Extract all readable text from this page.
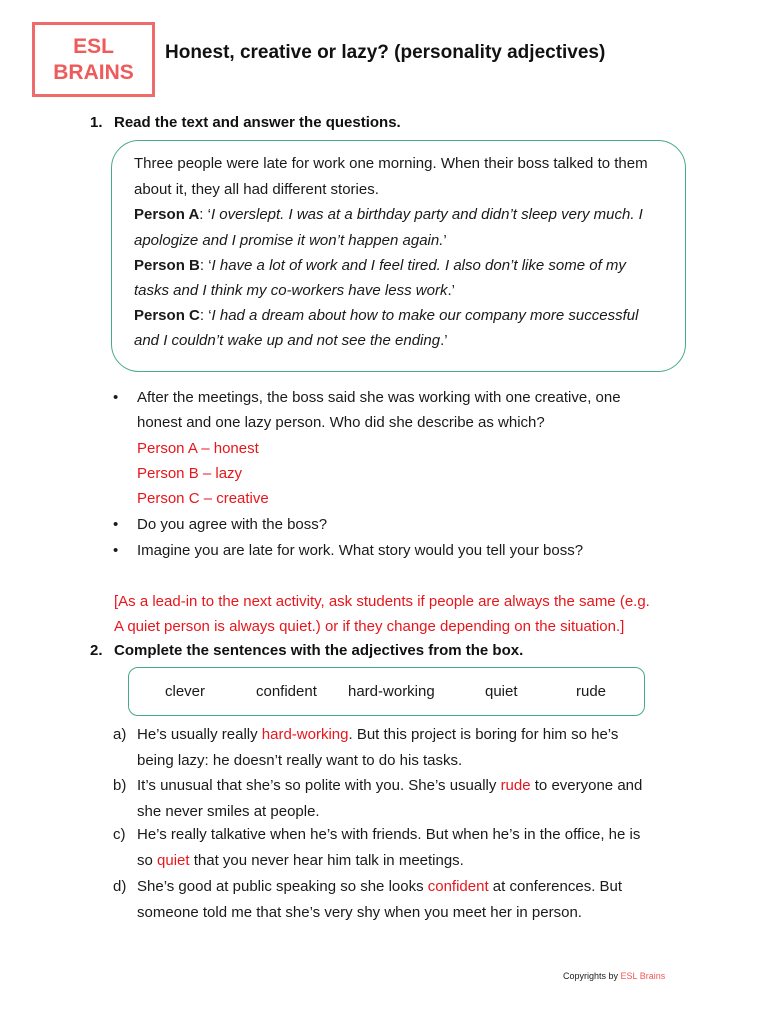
ESL
BRAINS
Honest, creative or lazy? (personality adjectives)
1. Read the text and answer the questions.
Three people were late for work one morning. When their boss talked to them
about it, they all had different stories.
Person A: ‘I overslept. I was at a birthday party and didn’t sleep very much. I
apologize and I promise it won’t happen again.’
Person B: ‘I have a lot of work and I feel tired. I also don’t like some of my
tasks and I think my co-workers have less work.’
Person C: ‘I had a dream about how to make our company more successful
and I couldn’t wake up and not see the ending.’
• After the meetings, the boss said she was working with one creative, one
honest and one lazy person. Who did she describe as which?
Person A – honest
Person B – lazy
Person C – creative
• Do you agree with the boss?
• Imagine you are late for work. What story would you tell your boss?
[As a lead-in to the next activity, ask students if people are always the same (e.g.
A quiet person is always quiet.) or if they change depending on the situation.]
2. Complete the sentences with the adjectives from the box.
clever	confident hard-working	quiet	rude
a) He’s usually really hard-working. But this project is boring for him so he’s
being lazy: he doesn’t really want to do his tasks.
b) It’s unusual that she’s so polite with you. She’s usually rude to everyone and
she never smiles at people.
c) He’s really talkative when he’s with friends. But when he’s in the office, he is
so quiet that you never hear him talk in meetings.
d) She’s good at public speaking so she looks confident at conferences. But
someone told me that she’s very shy when you meet her in person.
Copyrights by ESL Brains
